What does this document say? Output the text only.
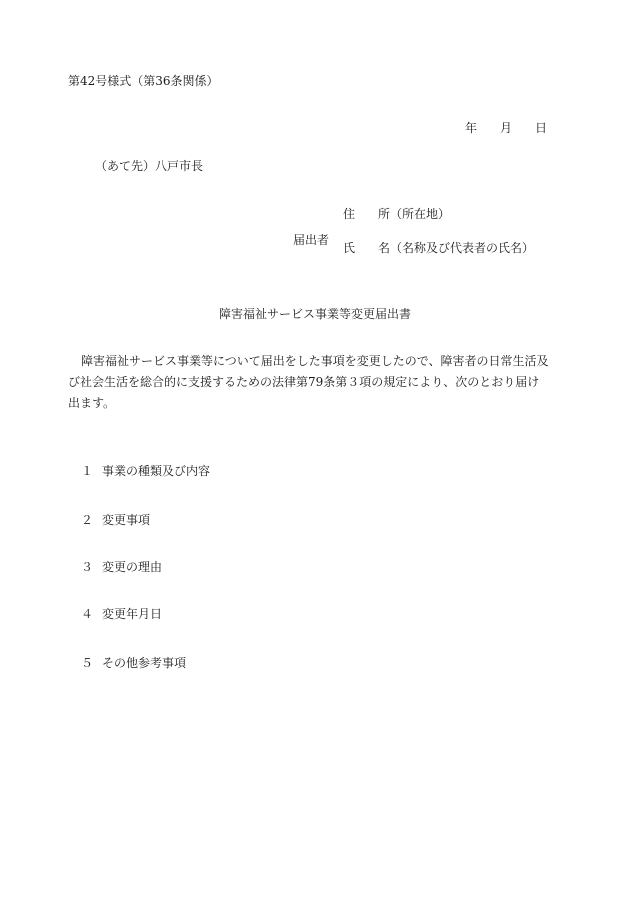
第42号様式（第36条関係）
年 月 日
（あて先）八戸市長
届出者
住 所（所在地）
氏 名（名称及び代表者の氏名）
障害福祉サービス事業等変更届出書
障害福祉サービス事業等について届出をした事項を変更したので、障害者の日常生活及
び社会生活を総合的に支援するための法律第79条第３項の規定により、次のとおり届け
出ます。
１ 事業の種類及び内容
２ 変更事項
３ 変更の理由
４ 変更年月日
５ その他参考事項
